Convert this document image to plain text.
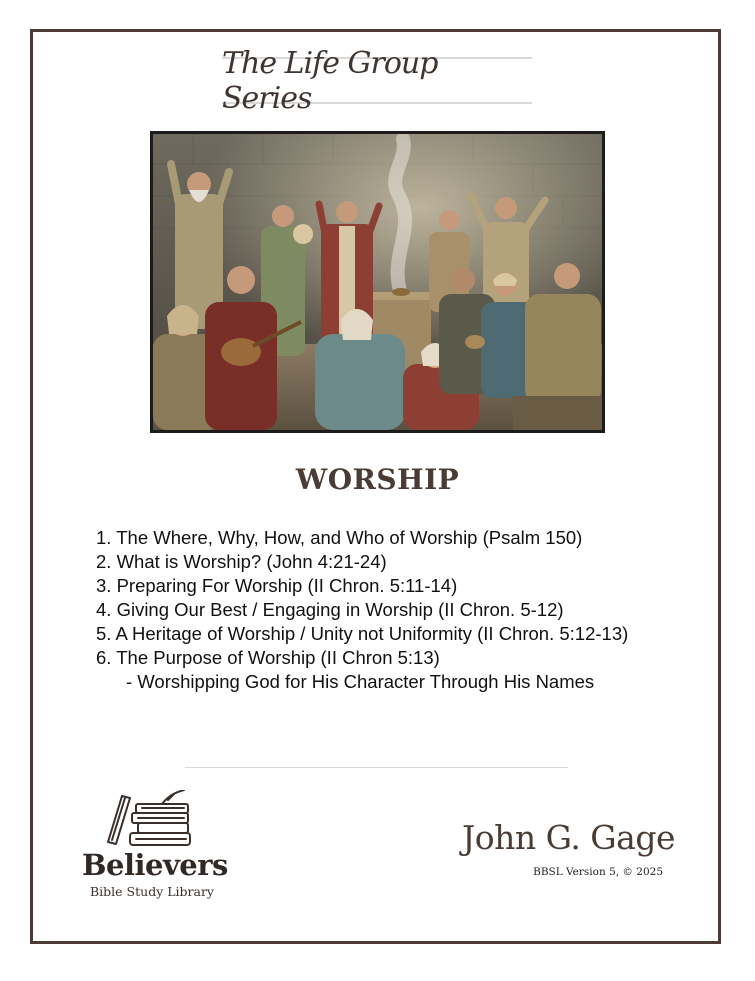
The Life Group Series
WORSHIP
1. The Where, Why, How, and Who of Worship (Psalm 150)
2. What is Worship? (John 4:21-24)
3. Preparing For Worship (II Chron. 5:11-14)
4. Giving Our Best / Engaging in Worship (II Chron. 5-12)
5. A Heritage of Worship / Unity not Uniformity (II Chron. 5:12-13)
6. The Purpose of Worship (II Chron 5:13)
- Worshipping God for His Character Through His Names
Believers
Bible Study Library
John G. Gage
BBSL Version 5, © 2025
